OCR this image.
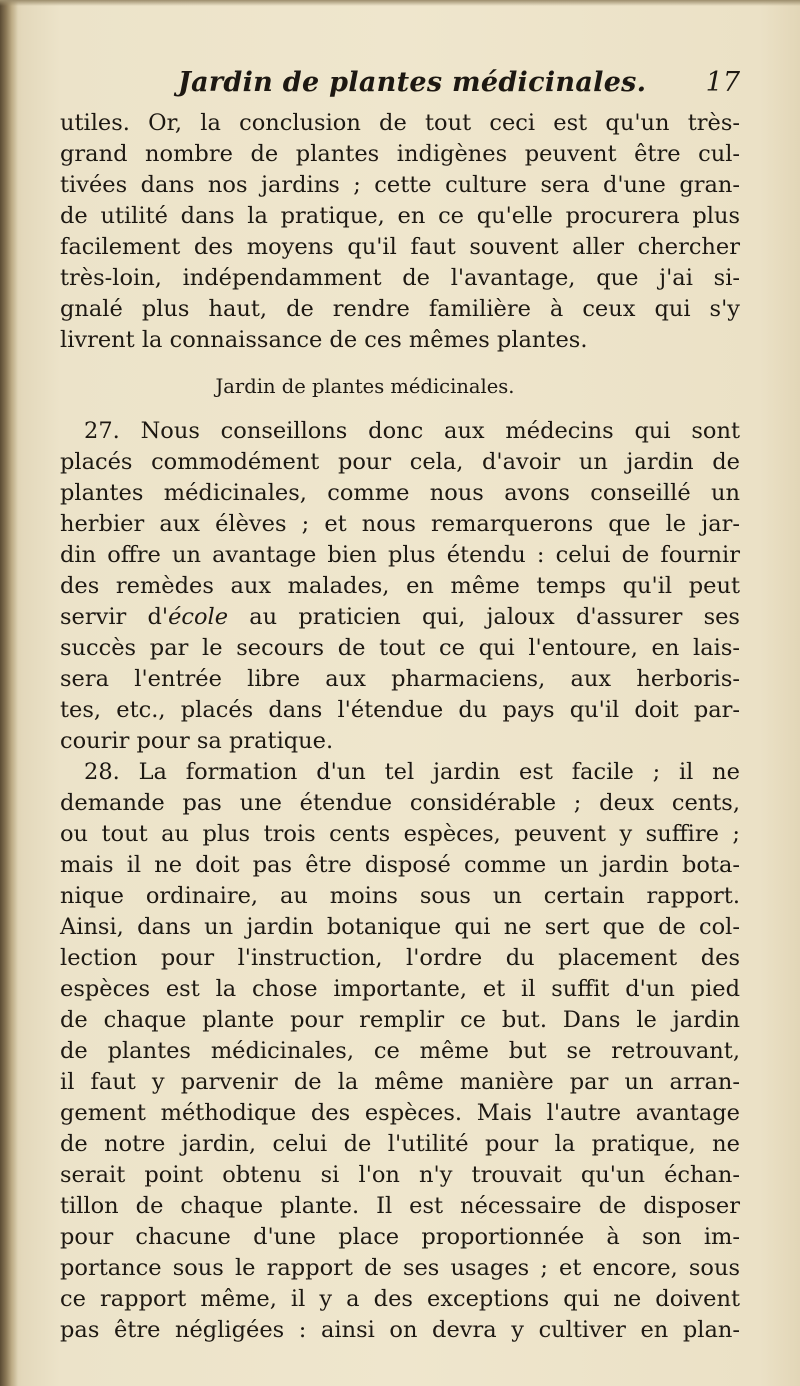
Jardin de plantes médicinales. 17
utiles. Or, la conclusion de tout ceci est qu'un très-
grand nombre de plantes indigènes peuvent être cul-
tivées dans nos jardins ; cette culture sera d'une gran-
de utilité dans la pratique, en ce qu'elle procurera plus
facilement des moyens qu'il faut souvent aller chercher
très-loin, indépendamment de l'avantage, que j'ai si-
gnalé plus haut, de rendre familière à ceux qui s'y
livrent la connaissance de ces mêmes plantes.
Jardin de plantes médicinales.
27. Nous conseillons donc aux médecins qui sont
placés commodément pour cela, d'avoir un jardin de
plantes médicinales, comme nous avons conseillé un
herbier aux élèves ; et nous remarquerons que le jar-
din offre un avantage bien plus étendu : celui de fournir
des remèdes aux malades, en même temps qu'il peut
servir d'école au praticien qui, jaloux d'assurer ses
succès par le secours de tout ce qui l'entoure, en lais-
sera l'entrée libre aux pharmaciens, aux herboris-
tes, etc., placés dans l'étendue du pays qu'il doit par-
courir pour sa pratique.
28. La formation d'un tel jardin est facile ; il ne
demande pas une étendue considérable ; deux cents,
ou tout au plus trois cents espèces, peuvent y suffire ;
mais il ne doit pas être disposé comme un jardin bota-
nique ordinaire, au moins sous un certain rapport.
Ainsi, dans un jardin botanique qui ne sert que de col-
lection pour l'instruction, l'ordre du placement des
espèces est la chose importante, et il suffit d'un pied
de chaque plante pour remplir ce but. Dans le jardin
de plantes médicinales, ce même but se retrouvant,
il faut y parvenir de la même manière par un arran-
gement méthodique des espèces. Mais l'autre avantage
de notre jardin, celui de l'utilité pour la pratique, ne
serait point obtenu si l'on n'y trouvait qu'un échan-
tillon de chaque plante. Il est nécessaire de disposer
pour chacune d'une place proportionnée à son im-
portance sous le rapport de ses usages ; et encore, sous
ce rapport même, il y a des exceptions qui ne doivent
pas être négligées : ainsi on devra y cultiver en plan-
